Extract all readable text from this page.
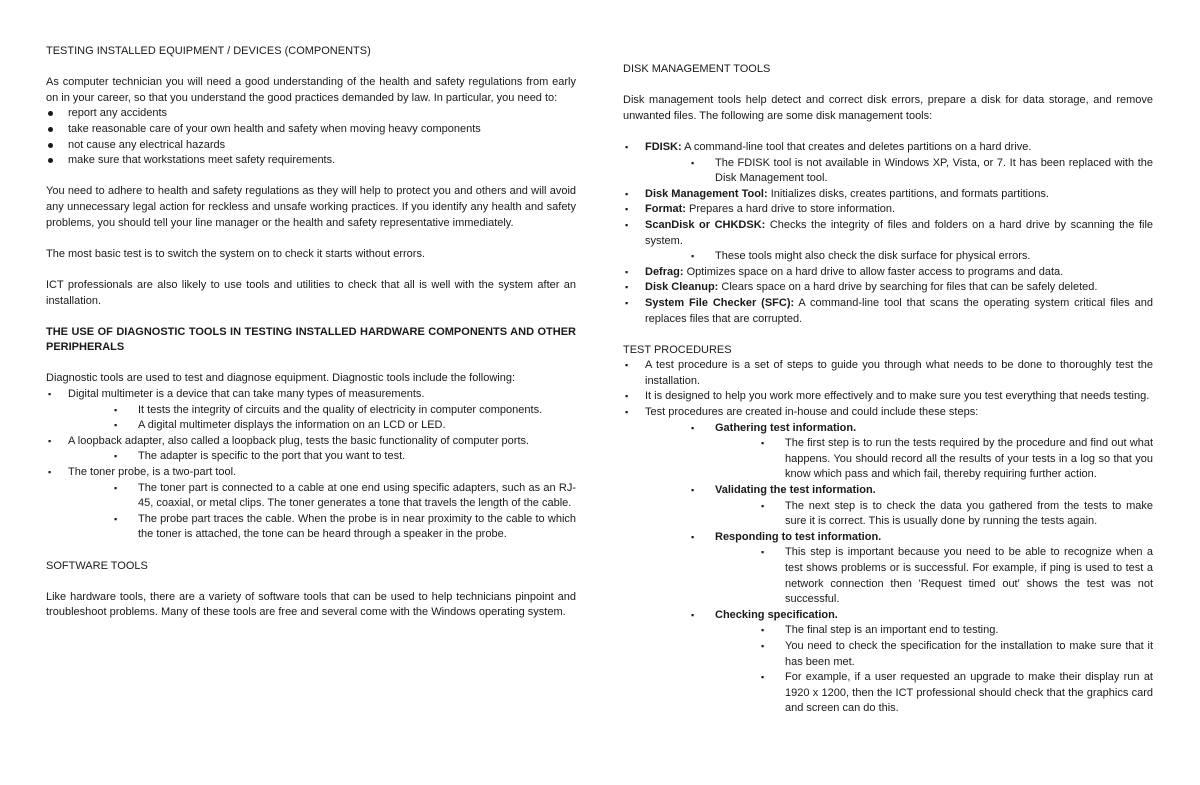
TESTING INSTALLED EQUIPMENT / DEVICES (COMPONENTS)

As computer technician you will need a good understanding of the health and safety regulations from early on in your career, so that you understand the good practices demanded by law. In particular, you need to:

report any accidents
take reasonable care of your own health and safety when moving heavy components
not cause any electrical hazards
make sure that workstations meet safety requirements.

You need to adhere to health and safety regulations as they will help to protect you and others and will avoid any unnecessary legal action for reckless and unsafe working practices. If you identify any health and safety problems, you should tell your line manager or the health and safety representative immediately.

The most basic test is to switch the system on to check it starts without errors.

ICT professionals are also likely to use tools and utilities to check that all is well with the system after an installation.

THE USE OF DIAGNOSTIC TOOLS IN TESTING INSTALLED HARDWARE COMPONENTS AND OTHER PERIPHERALS

Diagnostic tools are used to test and diagnose equipment. Diagnostic tools include the following:

▪ Digital multimeter is a device that can take many types of measurements.
▪ It tests the integrity of circuits and the quality of electricity in computer components.
▪ A digital multimeter displays the information on an LCD or LED.
▪ A loopback adapter, also called a loopback plug, tests the basic functionality of computer ports.
▪ The adapter is specific to the port that you want to test.
▪ The toner probe, is a two-part tool.
▪ The toner part is connected to a cable at one end using specific adapters, such as an RJ-45, coaxial, or metal clips. The toner generates a tone that travels the length of the cable.
▪ The probe part traces the cable. When the probe is in near proximity to the cable to which the toner is attached, the tone can be heard through a speaker in the probe.

SOFTWARE TOOLS

Like hardware tools, there are a variety of software tools that can be used to help technicians pinpoint and troubleshoot problems. Many of these tools are free and several come with the Windows operating system.

DISK MANAGEMENT TOOLS

Disk management tools help detect and correct disk errors, prepare a disk for data storage, and remove unwanted files. The following are some disk management tools:

▪ FDISK: A command-line tool that creates and deletes partitions on a hard drive.
▪ The FDISK tool is not available in Windows XP, Vista, or 7. It has been replaced with the Disk Management tool.
▪ Disk Management Tool: Initializes disks, creates partitions, and formats partitions.
▪ Format: Prepares a hard drive to store information.
▪ ScanDisk or CHKDSK: Checks the integrity of files and folders on a hard drive by scanning the file system.
▪ These tools might also check the disk surface for physical errors.
▪ Defrag: Optimizes space on a hard drive to allow faster access to programs and data.
▪ Disk Cleanup: Clears space on a hard drive by searching for files that can be safely deleted.
▪ System File Checker (SFC): A command-line tool that scans the operating system critical files and replaces files that are corrupted.

TEST PROCEDURES

▪ A test procedure is a set of steps to guide you through what needs to be done to thoroughly test the installation.
▪ It is designed to help you work more effectively and to make sure you test everything that needs testing.
▪ Test procedures are created in-house and could include these steps:
▪ Gathering test information.
▪ The first step is to run the tests required by the procedure and find out what happens. You should record all the results of your tests in a log so that you know which pass and which fail, thereby requiring further action.
▪ Validating the test information.
▪ The next step is to check the data you gathered from the tests to make sure it is correct. This is usually done by running the tests again.
▪ Responding to test information.
▪ This step is important because you need to be able to recognize when a test shows problems or is successful. For example, if ping is used to test a network connection then 'Request timed out' shows the test was not successful.
▪ Checking specification.
▪ The final step is an important end to testing.
▪ You need to check the specification for the installation to make sure that it has been met.
▪ For example, if a user requested an upgrade to make their display run at 1920 x 1200, then the ICT professional should check that the graphics card and screen can do this.
